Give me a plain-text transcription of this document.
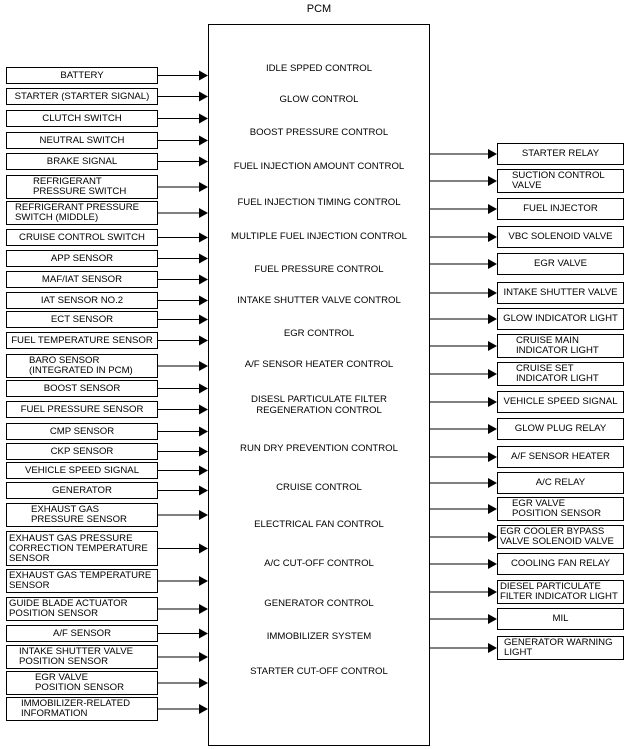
PCM
BATTERY
STARTER (STARTER SIGNAL)
CLUTCH SWITCH
NEUTRAL SWITCH
BRAKE SIGNAL
REFRIGERANT
PRESSURE SWITCH
REFRIGERANT PRESSURE
SWITCH (MIDDLE)
CRUISE CONTROL SWITCH
APP SENSOR
MAF/IAT SENSOR
IAT SENSOR NO.2
ECT SENSOR
FUEL TEMPERATURE SENSOR
BARO SENSOR
(INTEGRATED IN PCM)
BOOST SENSOR
FUEL PRESSURE SENSOR
CMP SENSOR
CKP SENSOR
VEHICLE SPEED SIGNAL
GENERATOR
EXHAUST GAS
PRESSURE SENSOR
EXHAUST GAS PRESSURE
CORRECTION TEMPERATURE
SENSOR
EXHAUST GAS TEMPERATURE
SENSOR
GUIDE BLADE ACTUATOR
POSITION SENSOR
A/F SENSOR
INTAKE SHUTTER VALVE
POSITION SENSOR
EGR VALVE
POSITION SENSOR
IMMOBILIZER-RELATED
INFORMATION
IDLE SPPED CONTROL
GLOW CONTROL
BOOST PRESSURE CONTROL
FUEL INJECTION AMOUNT CONTROL
FUEL INJECTION TIMING CONTROL
MULTIPLE FUEL INJECTION CONTROL
FUEL PRESSURE CONTROL
INTAKE SHUTTER VALVE CONTROL
EGR CONTROL
A/F SENSOR HEATER CONTROL
DISESL PARTICULATE FILTER
REGENERATION CONTROL
RUN DRY PREVENTION CONTROL
CRUISE CONTROL
ELECTRICAL FAN CONTROL
A/C CUT-OFF CONTROL
GENERATOR CONTROL
IMMOBILIZER SYSTEM
STARTER CUT-OFF CONTROL
STARTER RELAY
SUCTION CONTROL
VALVE
FUEL INJECTOR
VBC SOLENOID VALVE
EGR VALVE
INTAKE SHUTTER VALVE
GLOW INDICATOR LIGHT
CRUISE MAIN
INDICATOR LIGHT
CRUISE SET
INDICATOR LIGHT
VEHICLE SPEED SIGNAL
GLOW PLUG RELAY
A/F SENSOR HEATER
A/C RELAY
EGR VALVE
POSITION SENSOR
EGR COOLER BYPASS
VALVE SOLENOID VALVE
COOLING FAN RELAY
DIESEL PARTICULATE
FILTER INDICATOR LIGHT
MIL
GENERATOR WARNING
LIGHT
